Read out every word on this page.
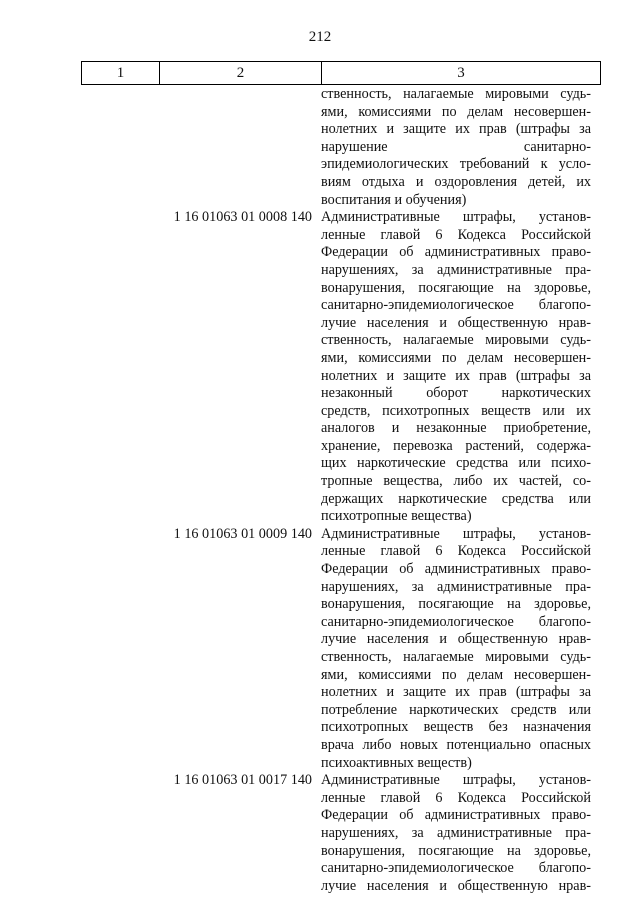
212
1	2	3
ственность, налагаемые мировыми судь-
ями, комиссиями по делам несовершен-
нолетних и защите их прав (штрафы за
нарушение санитарно-
эпидемиологических требований к усло-
виям отдыха и оздоровления детей, их
воспитания и обучения)
1 16 01063 01 0008 140 Административные штрафы, установ-
ленные главой 6 Кодекса Российской
Федерации об административных право-
нарушениях, за административные пра-
вонарушения, посягающие на здоровье,
санитарно-эпидемиологическое благопо-
лучие населения и общественную нрав-
ственность, налагаемые мировыми судь-
ями, комиссиями по делам несовершен-
нолетних и защите их прав (штрафы за
незаконный оборот наркотических
средств, психотропных веществ или их
аналогов и незаконные приобретение,
хранение, перевозка растений, содержа-
щих наркотические средства или психо-
тропные вещества, либо их частей, со-
держащих наркотические средства или
психотропные вещества)
1 16 01063 01 0009 140 Административные штрафы, установ-
ленные главой 6 Кодекса Российской
Федерации об административных право-
нарушениях, за административные пра-
вонарушения, посягающие на здоровье,
санитарно-эпидемиологическое благопо-
лучие населения и общественную нрав-
ственность, налагаемые мировыми судь-
ями, комиссиями по делам несовершен-
нолетних и защите их прав (штрафы за
потребление наркотических средств или
психотропных веществ без назначения
врача либо новых потенциально опасных
психоактивных веществ)
1 16 01063 01 0017 140 Административные штрафы, установ-
ленные главой 6 Кодекса Российской
Федерации об административных право-
нарушениях, за административные пра-
вонарушения, посягающие на здоровье,
санитарно-эпидемиологическое благопо-
лучие населения и общественную нрав-
